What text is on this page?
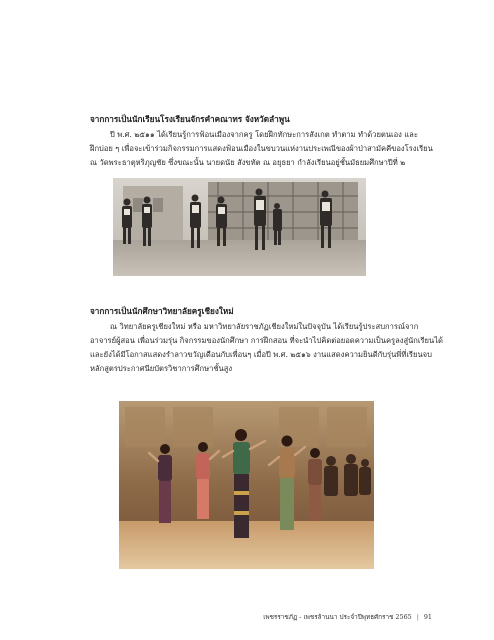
จากการเป็นนักเรียนโรงเรียนจักรคำคณาทร จังหวัดลำพูน
ปี พ.ศ. ๒๕๑๑ ได้เรียนรู้การฟ้อนเมืองจากครู โดยฝึกทักษะการสังเกต ทำตาม ทำด้วยตนเอง และ
ฝึกบ่อย ๆ เพื่อจะเข้าร่วมกิจกรรมการแสดงฟ้อนเมืองในขบวนแห่งานประเพณีของผ้าป่าสามัคคีของโรงเรียน
ณ วัดพระธาตุหริภุญชัย ซึ่งขณะนั้น นายดนัย สังขทัต ณ อยุธยา กำลังเรียนอยู่ชั้นมัธยมศึกษาปีที่ ๒
จากการเป็นนักศึกษาวิทยาลัยครูเชียงใหม่
ณ วิทยาลัยครูเชียงใหม่ หรือ มหาวิทยาลัยราชภัฏเชียงใหม่ในปัจจุบัน ได้เรียนรู้ประสบการณ์จาก
อาจารย์ผู้สอน เพื่อนร่วมรุ่น กิจกรรมของนักศึกษา การฝึกสอน ที่จะนำไปคิดต่อยอดความเป็นครูลงสู่นักเรียนได้
และยังได้มีโอกาสแสดงรำลาวขวัญเดือนกับเพื่อนๆ เมื่อปี พ.ศ. ๒๕๑๖ งานแสดงความยินดีกับรุ่นพี่ที่เรียนจบ
หลักสูตรประกาศนียบัตรวิชาการศึกษาชั้นสูง
เพชรราชภัฏ - เพชรล้านนา ประจำปีพุทธศักราช 2565 | 91
